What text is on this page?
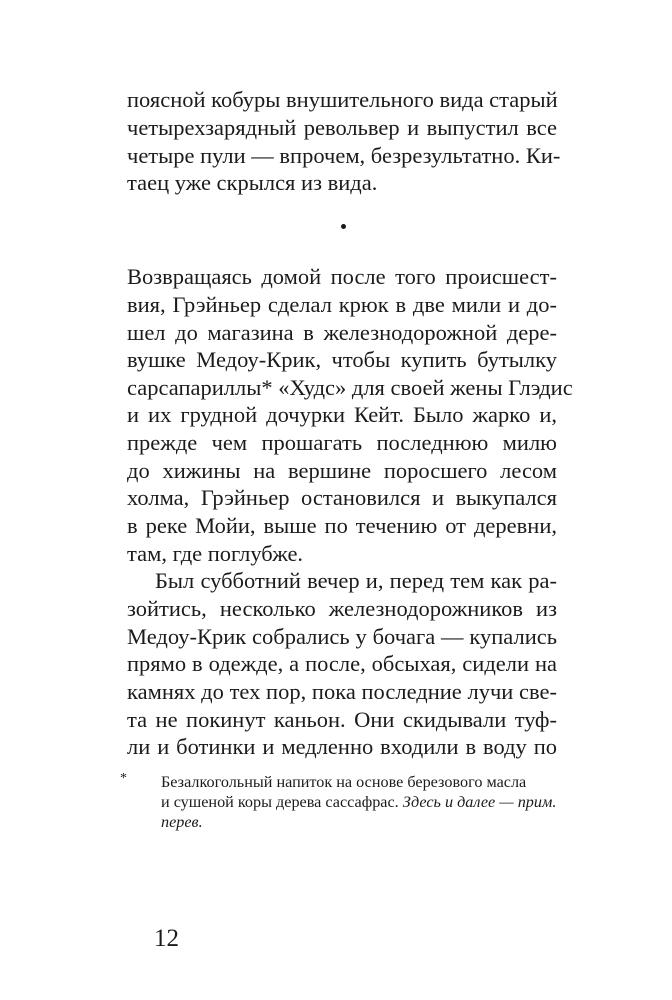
поясной кобуры внушительного вида старый
четырехзарядный револьвер и выпустил все
четыре пули — впрочем, безрезультатно. Ки-
таец уже скрылся из вида.
Возвращаясь домой после того происшест-
вия, Грэйньер сделал крюк в две мили и до-
шел до магазина в железнодорожной дере-
вушке Медоу-Крик, чтобы купить бутылку
сарсапариллы* «Худс» для своей жены Глэдис
и их грудной дочурки Кейт. Было жарко и,
прежде чем прошагать последнюю милю
до хижины на вершине поросшего лесом
холма, Грэйньер остановился и выкупался
в реке Мойи, выше по течению от деревни,
там, где поглубже.
Был субботний вечер и, перед тем как ра-
зойтись, несколько железнодорожников из
Медоу-Крик собрались у бочага — купались
прямо в одежде, а после, обсыхая, сидели на
камнях до тех пор, пока последние лучи све-
та не покинут каньон. Они скидывали туф-
ли и ботинки и медленно входили в воду по
* Безалкогольный напиток на основе березового масла
и сушеной коры дерева сассафрас. Здесь и далее — прим.
перев.
12
